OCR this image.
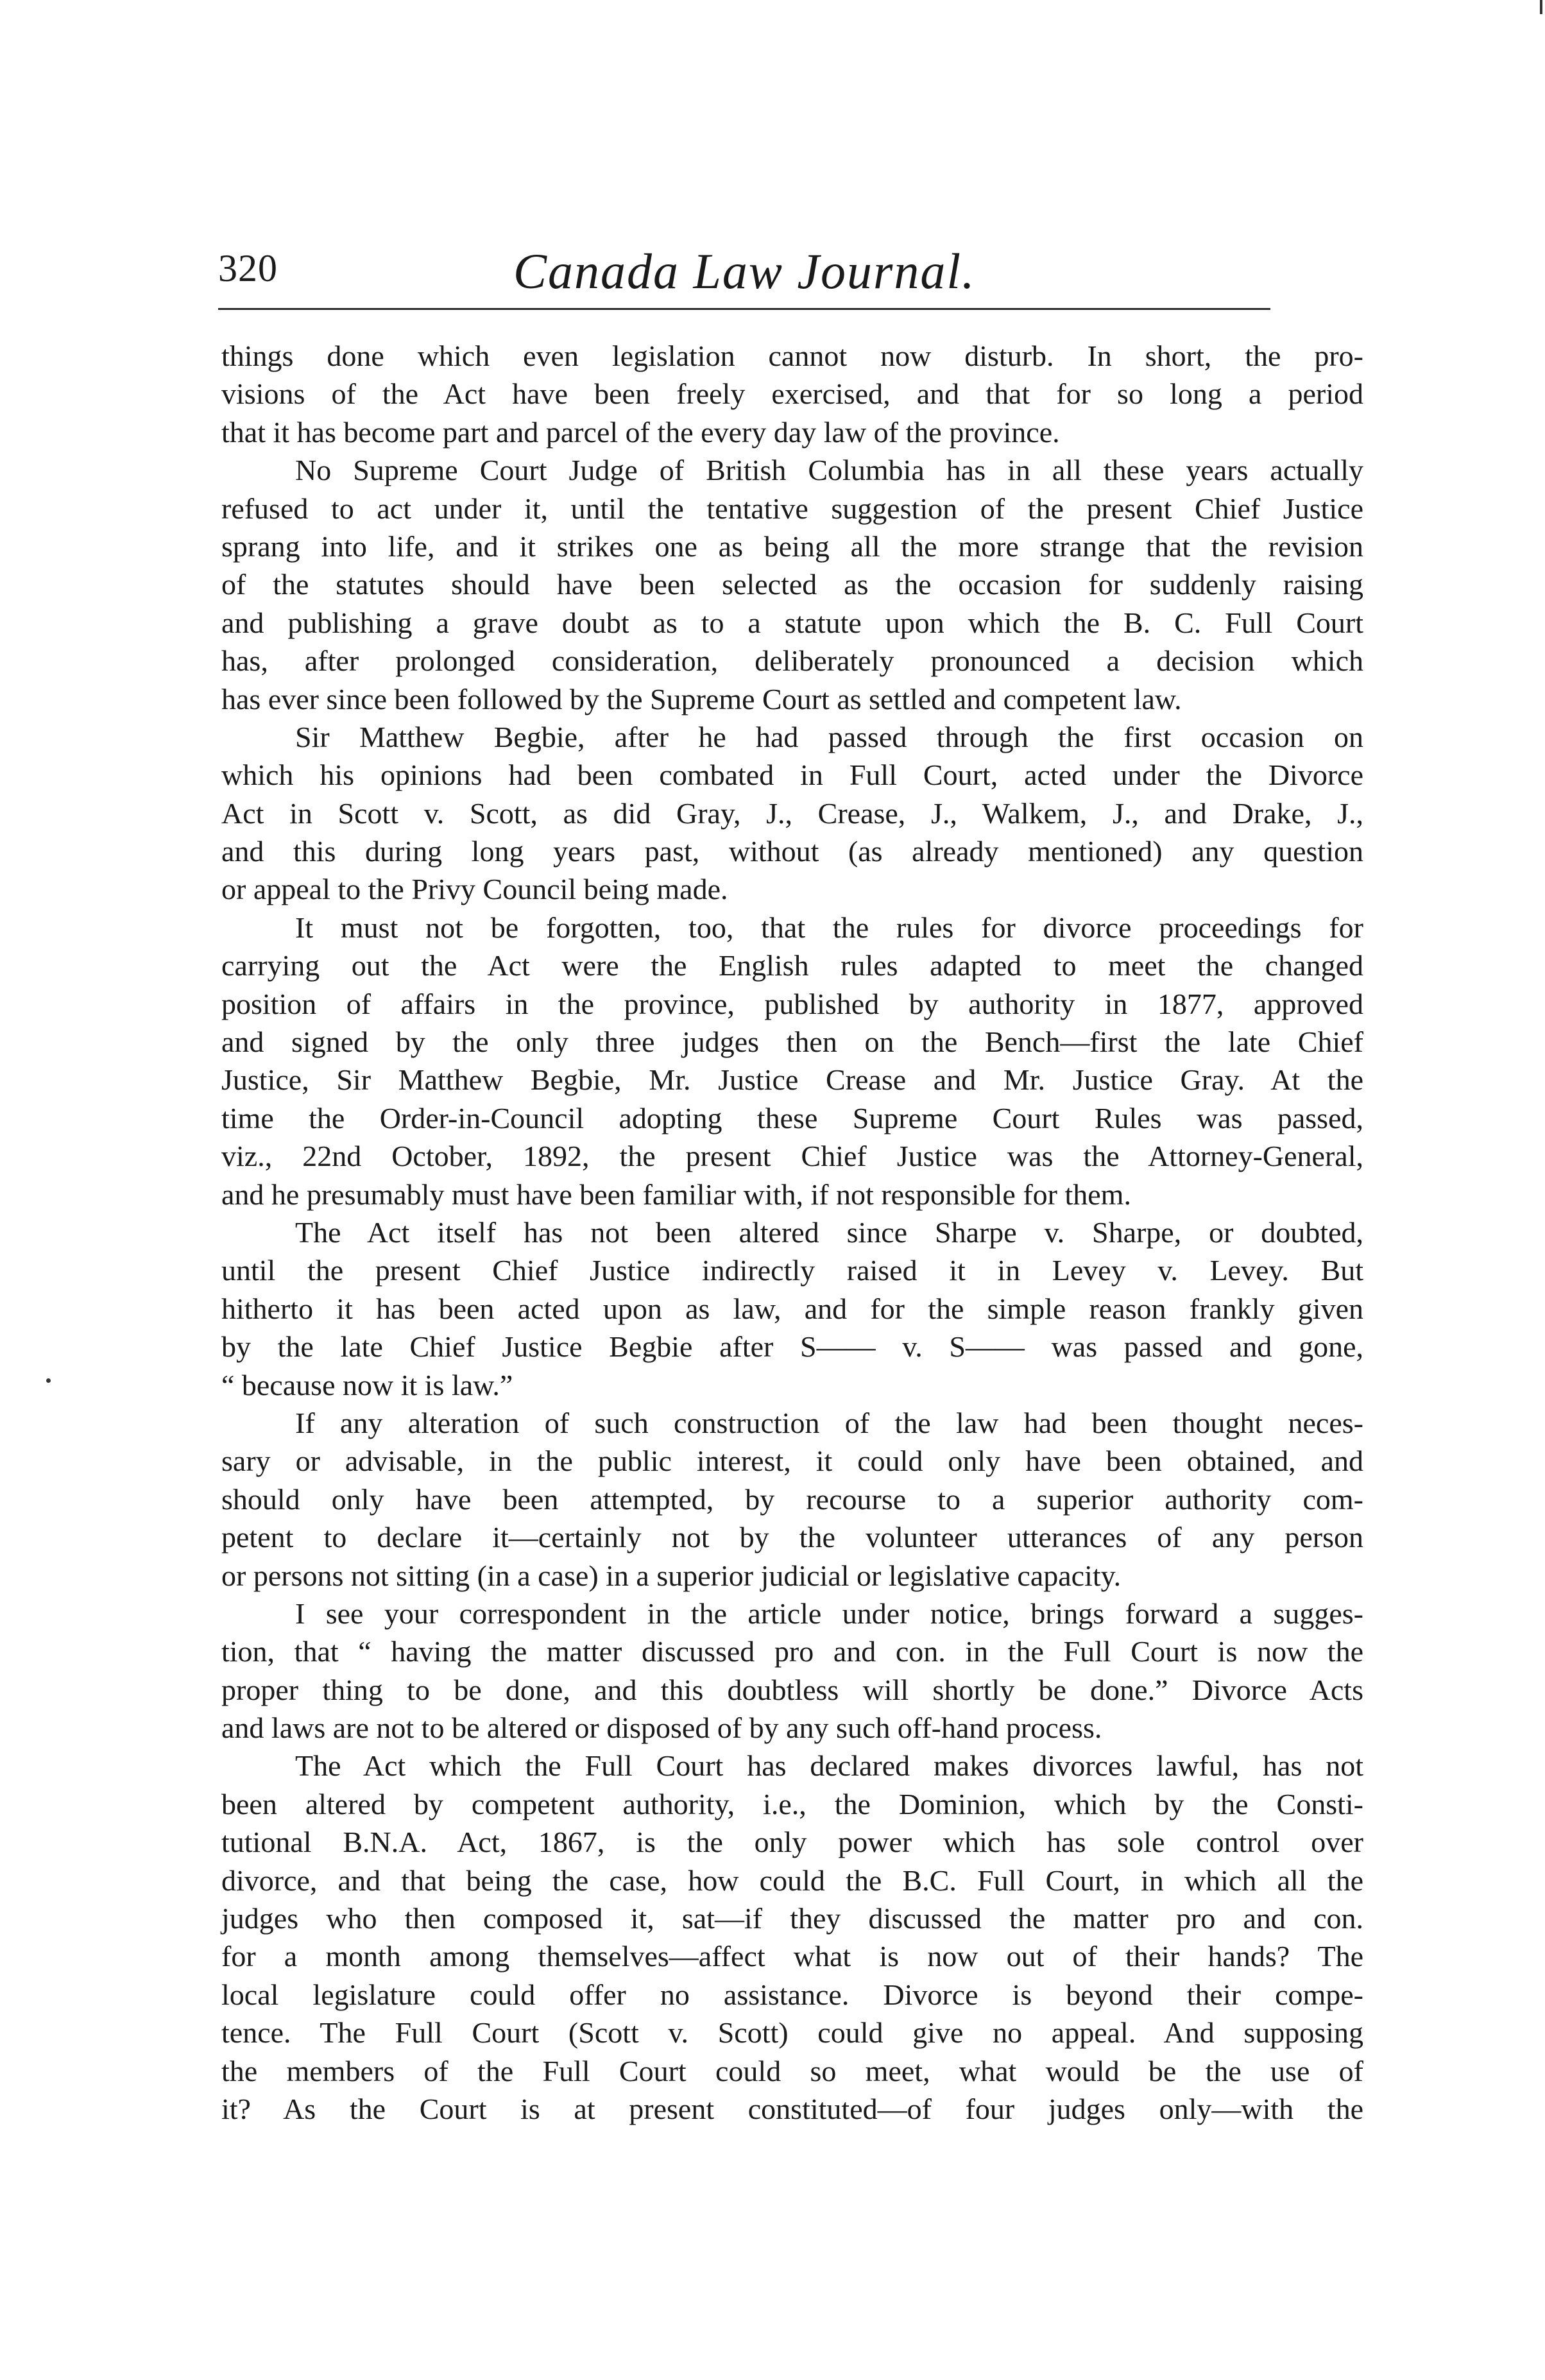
320	Canada Law Journal.
things done which even legislation cannot now disturb. In short, the pro-
visions of the Act have been freely exercised, and that for so long a period
that it has become part and parcel of the every day law of the province.
No Supreme Court Judge of British Columbia has in all these years actually
refused to act under it, until the tentative suggestion of the present Chief Justice
sprang into life, and it strikes one as being all the more strange that the revision
of the statutes should have been selected as the occasion for suddenly raising
and publishing a grave doubt as to a statute upon which the B. C. Full Court
has, after prolonged consideration, deliberately pronounced a decision which
has ever since been followed by the Supreme Court as settled and competent law.
Sir Matthew Begbie, after he had passed through the first occasion on
which his opinions had been combated in Full Court, acted under the Divorce
Act in Scott v. Scott, as did Gray, J., Crease, J., Walkem, J., and Drake, J.,
and this during long years past, without (as already mentioned) any question
or appeal to the Privy Council being made.
It must not be forgotten, too, that the rules for divorce proceedings for
carrying out the Act were the English rules adapted to meet the changed
position of affairs in the province, published by authority in 1877, approved
and signed by the only three judges then on the Bench—first the late Chief
Justice, Sir Matthew Begbie, Mr. Justice Crease and Mr. Justice Gray. At the
time the Order-in-Council adopting these Supreme Court Rules was passed,
viz., 22nd October, 1892, the present Chief Justice was the Attorney-General,
and he presumably must have been familiar with, if not responsible for them.
The Act itself has not been altered since Sharpe v. Sharpe, or doubted,
until the present Chief Justice indirectly raised it in Levey v. Levey. But
hitherto it has been acted upon as law, and for the simple reason frankly given
by the late Chief Justice Begbie after S—— v. S—— was passed and gone,
“ because now it is law.”
If any alteration of such construction of the law had been thought neces-
sary or advisable, in the public interest, it could only have been obtained, and
should only have been attempted, by recourse to a superior authority com-
petent to declare it—certainly not by the volunteer utterances of any person
or persons not sitting (in a case) in a superior judicial or legislative capacity.
I see your correspondent in the article under notice, brings forward a sugges-
tion, that “ having the matter discussed pro and con. in the Full Court is now the
proper thing to be done, and this doubtless will shortly be done.” Divorce Acts
and laws are not to be altered or disposed of by any such off-hand process.
The Act which the Full Court has declared makes divorces lawful, has not
been altered by competent authority, i.e., the Dominion, which by the Consti-
tutional B.N.A. Act, 1867, is the only power which has sole control over
divorce, and that being the case, how could the B.C. Full Court, in which all the
judges who then composed it, sat—if they discussed the matter pro and con.
for a month among themselves—affect what is now out of their hands? The
local legislature could offer no assistance. Divorce is beyond their compe-
tence. The Full Court (Scott v. Scott) could give no appeal. And supposing
the members of the Full Court could so meet, what would be the use of
it? As the Court is at present constituted—of four judges only—with the
